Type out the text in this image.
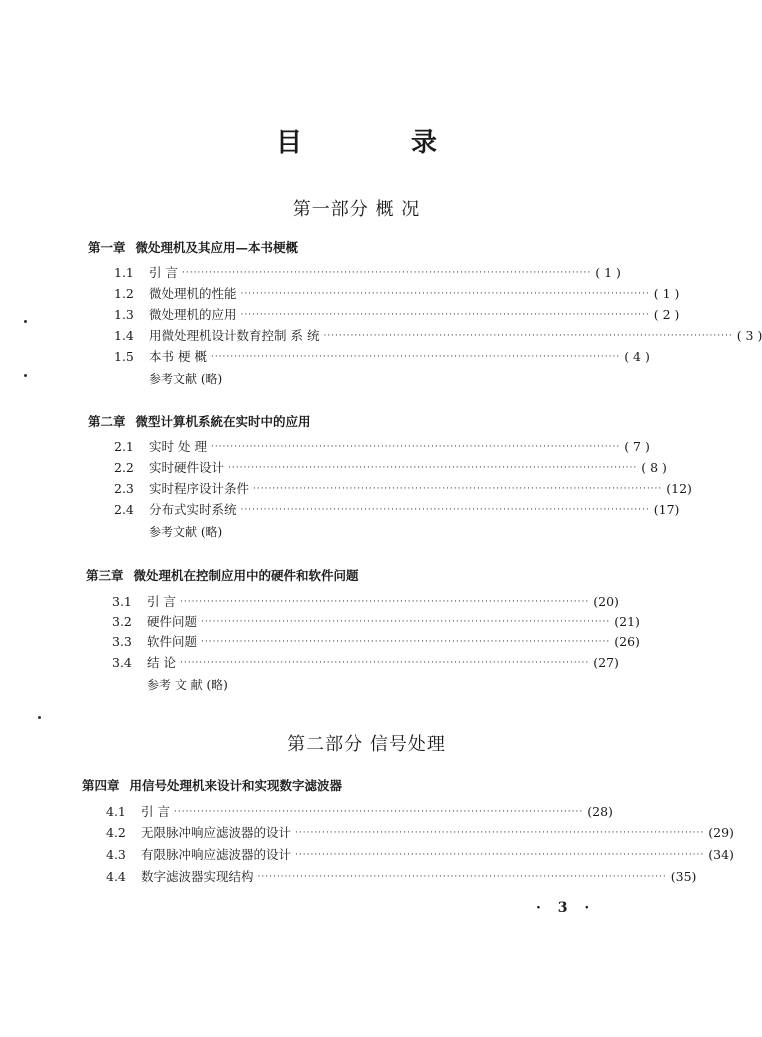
目 录
第一部分 概 况
第一章 微处理机及其应用—本书梗概
1.1	引 言 ·········································································································· ( 1 )
1.2	微处理机的性能 ·········································································································· ( 1 )
1.3	微处理机的应用 ·········································································································· ( 2 )
1.4	用微处理机设计数育控制 系 统 ·········································································································· ( 3 )
1.5	本书 梗 概 ·········································································································· ( 4 )
参考文献 (略)
第二章 微型计算机系統在实时中的应用
2.1	实时 处 理 ·········································································································· ( 7 )
2.2	实时硬件设计 ·········································································································· ( 8 )
2.3	实时程序设计条件 ·········································································································· (12)
2.4	分布式实时系统 ·········································································································· (17)
参考文献 (略)
第三章 微处理机在控制应用中的硬件和软件问题
3.1	引 言 ·········································································································· (20)
3.2	硬件问题 ·········································································································· (21)
3.3	软件问题 ·········································································································· (26)
3.4	结 论 ·········································································································· (27)
参考 文 献 (略)
第二部分 信号处理
第四章 用信号处理机来设计和实现数字滤波器
4.1	引 言 ·········································································································· (28)
4.2	无限脉冲响应滤波器的设计 ·········································································································· (29)
4.3	有限脉冲响应滤波器的设计 ·········································································································· (34)
4.4	数字滤波器实现结构 ·········································································································· (35)
· 3 ·
